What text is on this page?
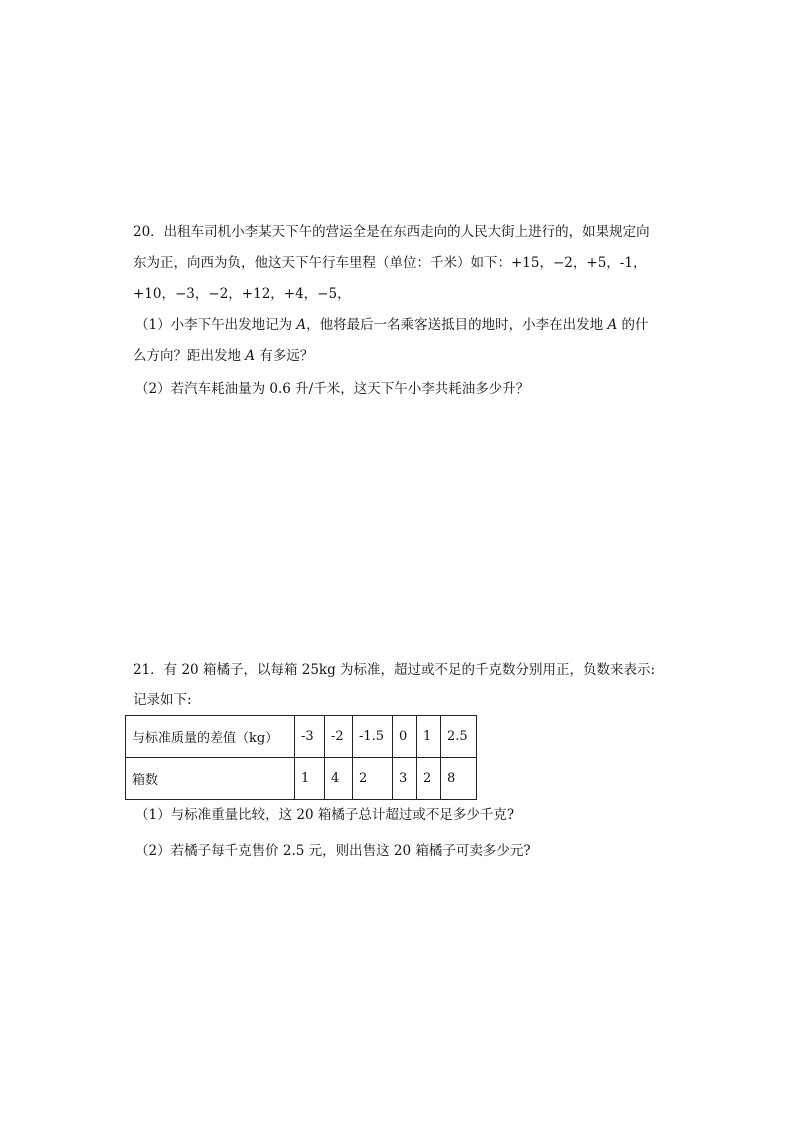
20．出租车司机小李某天下午的营运全是在东西走向的人民大街上进行的，如果规定向
东为正，向西为负，他这天下午行车里程（单位：千米）如下：+15，−2，+5，-1，
+10，−3，−2，+12，+4，−5，
（1）小李下午出发地记为 A，他将最后一名乘客送抵目的地时，小李在出发地 A 的什
么方向？距出发地 A 有多远？
（2）若汽车耗油量为 0.6 升/千米，这天下午小李共耗油多少升？
21．有 20 箱橘子，以每箱 25kg 为标准，超过或不足的千克数分别用正，负数来表示:
记录如下:
与标准质量的差值（kg）	-3	-2	-1.5	0	1	2.5
箱数	1	4	2	3	2	8
（1）与标准重量比较，这 20 箱橘子总计超过或不足多少千克?
（2）若橘子每千克售价 2.5 元，则出售这 20 箱橘子可卖多少元?
